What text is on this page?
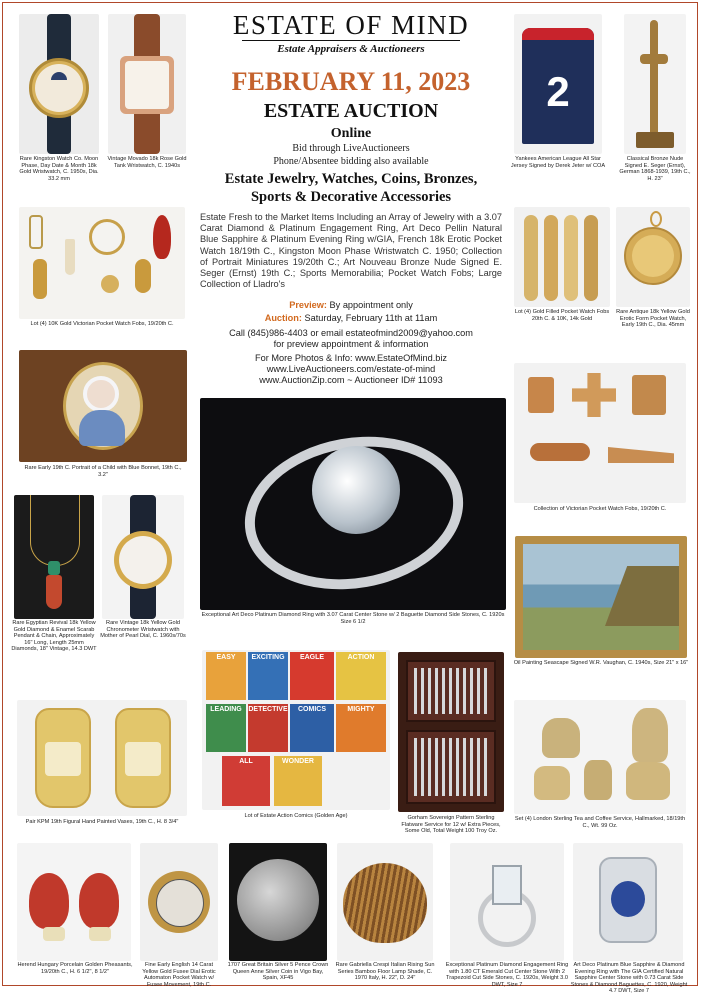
ESTATE OF MIND
Estate Appraisers & Auctioneers
FEBRUARY 11, 2023
ESTATE AUCTION
Online
Bid through LiveAuctioneers
Phone/Absentee bidding also available
Estate Jewelry, Watches, Coins, Bronzes,
Sports & Decorative Accessories
Estate Fresh to the Market Items Including an Array of Jewelry with a 3.07 Carat Diamond & Platinum Engagement Ring, Art Deco Pellin Natural Blue Sapphire & Platinum Evening Ring w/GIA, French 18k Erotic Pocket Watch 18/19th C., Kingston Moon Phase Wristwatch C. 1950; Collection of Portrait Miniatures 19/20th C.; Art Nouveau Bronze Nude Signed E. Seger (Ernst) 19th C.; Sports Memorabilia; Pocket Watch Fobs; Large Collection of Lladro's
Preview: By appointment only
Auction: Saturday, February 11th at 11am
Call (845)986-4403 or email estateofmind2009@yahoo.com
for preview appointment & information
For More Photos & Info: www.EstateOfMind.biz
www.LiveAuctioneers.com/estate-of-mind
www.AuctionZip.com ~ Auctioneer ID# 11093
Rare Kingston Watch Co. Moon Phase, Day Date & Month 18k Gold Wristwatch, C. 1950s, Dia. 33.2 mm
Vintage Movado 18k Rose Gold Tank Wristwatch, C. 1940s
Lot (4) 10K Gold Victorian Pocket Watch Fobs, 19/20th C.
Rare Early 19th C. Portrait of a Child with Blue Bonnet, 19th C., 3.2"
Rare Egyptian Revival 18k Yellow Gold Diamond & Enamel Scarab Pendant & Chain, Approximately 16" Long, Length 25mm Diamonds, 18" Vintage, 14.3 DWT
Rare Vintage 18k Yellow Gold Chronometer Wristwatch with Mother of Pearl Dial, C. 1960s/70s
Pair KPM 19th Figural Hand Painted Vases, 19th C., H. 8 3/4"
Herend Hungary Porcelain Golden Pheasants, 19/20th C., H. 6 1/2", 8 1/2"
Exceptional Art Deco Platinum Diamond Ring with 3.07 Carat Center Stone w/ 2 Baguette Diamond Side Stones, C. 1920s Size 6 1/2
EASY	EXCITING	EAGLE	ACTION
LEADING DETECTIVE	COMICS	MIGHTY
ALL	WONDER
Lot of Estate Action Comics (Golden Age)	Gorham Sovereign Pattern Sterling Flatware Service for 12 w/ Extra Pieces, Some Old, Total Weight 100 Troy Oz.
Fine Early English 14 Carat Yellow Gold Fusee Dial Erotic Automaton Pocket Watch w/ Fusee Movement, 19th C.
1707 Great Britain Silver 5 Pence Crown Queen Anne Silver Coin in Vigo Bay, Spain, XF45
Rare Gabriella Crespi Italian Rising Sun Series Bamboo Floor Lamp Shade, C. 1970 Italy, H. 22", D. 24"
2
Yankees American League All Star Jersey Signed by Derek Jeter w/ COA
Classical Bronze Nude Signed E. Seger (Ernst), German 1868-1939, 19th C., H. 23"
Lot (4) Gold Filled Pocket Watch Fobs 20th C. & 10K, 14k Gold
Rare Antique 18k Yellow Gold Erotic Form Pocket Watch, Early 19th C., Dia. 45mm
Collection of Victorian Pocket Watch Fobs, 19/20th C.
Oil Painting Seascape Signed W.R. Vaughan, C. 1940s, Size 21" x 16"
Set (4) London Sterling Tea and Coffee Service, Hallmarked, 18/19th C., Wt. 99 Oz.
Exceptional Platinum Diamond Engagement Ring with 1.80 CT Emerald Cut Center Stone With 2 Trapezoid Cut Side Stones, C. 1920s, Weight 3.0 DWT, Size 7
Art Deco Platinum Blue Sapphire & Diamond Evening Ring with The GIA Certified Natural Sapphire Center Stone with 0.73 Carat Side Stones & Diamond Baguettes, C. 1920, Weight 4.7 DWT, Size 7
